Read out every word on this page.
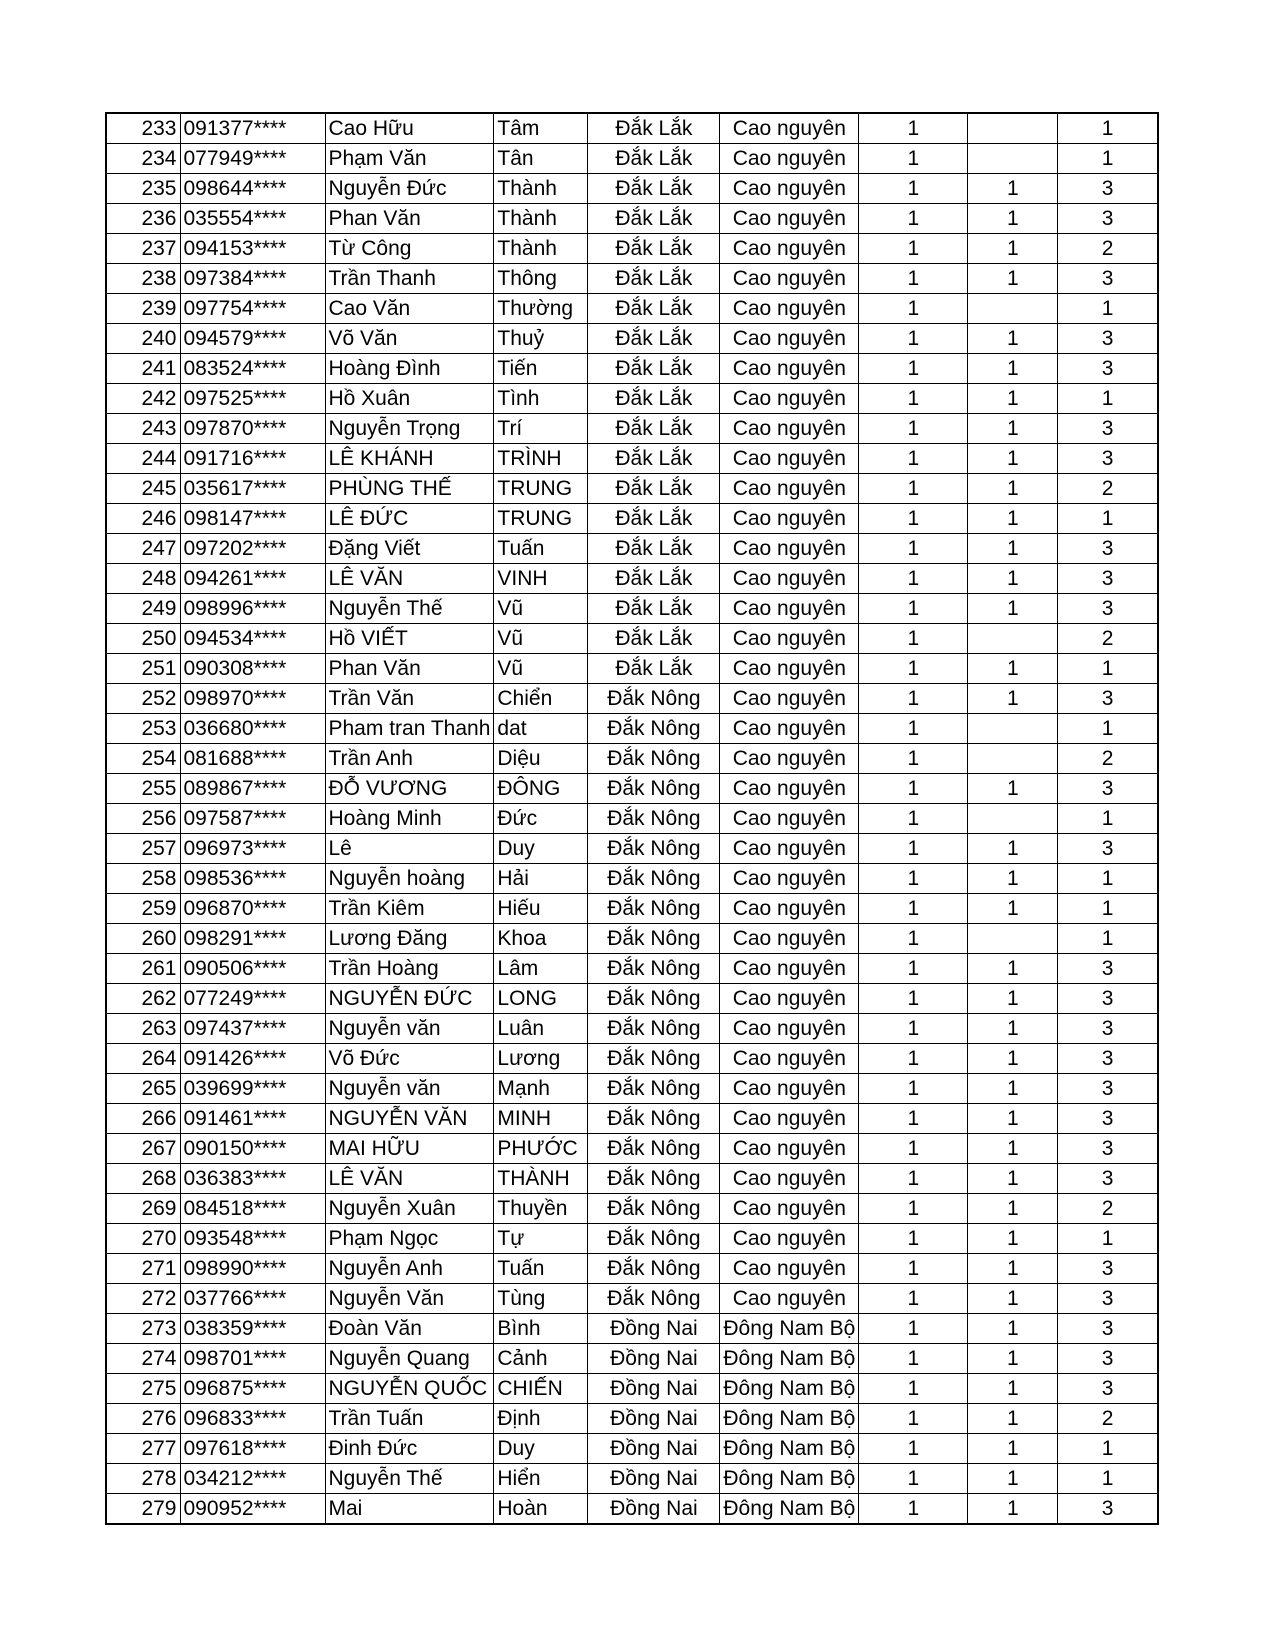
233	091377****	Cao Hữu	Tâm	Đắk Lắk	Cao nguyên	1		1
234	077949****	Phạm Văn	Tân	Đắk Lắk	Cao nguyên	1		1
235	098644****	Nguyễn Đức	Thành	Đắk Lắk	Cao nguyên	1	1	3
236	035554****	Phan Văn	Thành	Đắk Lắk	Cao nguyên	1	1	3
237	094153****	Từ Công	Thành	Đắk Lắk	Cao nguyên	1	1	2
238	097384****	Trần Thanh	Thông	Đắk Lắk	Cao nguyên	1	1	3
239	097754****	Cao Văn	Thường	Đắk Lắk	Cao nguyên	1		1
240	094579****	Võ Văn	Thuỷ	Đắk Lắk	Cao nguyên	1	1	3
241	083524****	Hoàng Đình	Tiến	Đắk Lắk	Cao nguyên	1	1	3
242	097525****	Hồ Xuân	Tình	Đắk Lắk	Cao nguyên	1	1	1
243	097870****	Nguyễn Trọng	Trí	Đắk Lắk	Cao nguyên	1	1	3
244	091716****	LÊ KHÁNH	TRÌNH	Đắk Lắk	Cao nguyên	1	1	3
245	035617****	PHÙNG THẾ	TRUNG	Đắk Lắk	Cao nguyên	1	1	2
246	098147****	LÊ ĐỨC	TRUNG	Đắk Lắk	Cao nguyên	1	1	1
247	097202****	Đặng Viết	Tuấn	Đắk Lắk	Cao nguyên	1	1	3
248	094261****	LÊ VĂN	VINH	Đắk Lắk	Cao nguyên	1	1	3
249	098996****	Nguyễn Thế	Vũ	Đắk Lắk	Cao nguyên	1	1	3
250	094534****	Hồ VIẾT	Vũ	Đắk Lắk	Cao nguyên	1		2
251	090308****	Phan Văn	Vũ	Đắk Lắk	Cao nguyên	1	1	1
252	098970****	Trần Văn	Chiển	Đắk Nông	Cao nguyên	1	1	3
253	036680****	Pham tran Thanh	dat	Đắk Nông	Cao nguyên	1		1
254	081688****	Trần Anh	Diệu	Đắk Nông	Cao nguyên	1		2
255	089867****	ĐỖ VƯƠNG	ĐÔNG	Đắk Nông	Cao nguyên	1	1	3
256	097587****	Hoàng Minh	Đức	Đắk Nông	Cao nguyên	1		1
257	096973****	Lê	Duy	Đắk Nông	Cao nguyên	1	1	3
258	098536****	Nguyễn hoàng	Hải	Đắk Nông	Cao nguyên	1	1	1
259	096870****	Trần Kiêm	Hiếu	Đắk Nông	Cao nguyên	1	1	1
260	098291****	Lương Đăng	Khoa	Đắk Nông	Cao nguyên	1		1
261	090506****	Trần Hoàng	Lâm	Đắk Nông	Cao nguyên	1	1	3
262	077249****	NGUYỄN ĐỨC	LONG	Đắk Nông	Cao nguyên	1	1	3
263	097437****	Nguyễn văn	Luân	Đắk Nông	Cao nguyên	1	1	3
264	091426****	Võ Đức	Lương	Đắk Nông	Cao nguyên	1	1	3
265	039699****	Nguyễn văn	Mạnh	Đắk Nông	Cao nguyên	1	1	3
266	091461****	NGUYỄN VĂN	MINH	Đắk Nông	Cao nguyên	1	1	3
267	090150****	MAI HỮU	PHƯỚC	Đắk Nông	Cao nguyên	1	1	3
268	036383****	LÊ VĂN	THÀNH	Đắk Nông	Cao nguyên	1	1	3
269	084518****	Nguyễn Xuân	Thuyền	Đắk Nông	Cao nguyên	1	1	2
270	093548****	Phạm Ngọc	Tự	Đắk Nông	Cao nguyên	1	1	1
271	098990****	Nguyễn Anh	Tuấn	Đắk Nông	Cao nguyên	1	1	3
272	037766****	Nguyễn Văn	Tùng	Đắk Nông	Cao nguyên	1	1	3
273	038359****	Đoàn Văn	Bình	Đồng Nai	Đông Nam Bộ	1	1	3
274	098701****	Nguyễn Quang	Cảnh	Đồng Nai	Đông Nam Bộ	1	1	3
275	096875****	NGUYỄN QUỐC	CHIẾN	Đồng Nai	Đông Nam Bộ	1	1	3
276	096833****	Trần Tuấn	Định	Đồng Nai	Đông Nam Bộ	1	1	2
277	097618****	Đinh Đức	Duy	Đồng Nai	Đông Nam Bộ	1	1	1
278	034212****	Nguyễn Thế	Hiển	Đồng Nai	Đông Nam Bộ	1	1	1
279	090952****	Mai	Hoàn	Đồng Nai	Đông Nam Bộ	1	1	3
